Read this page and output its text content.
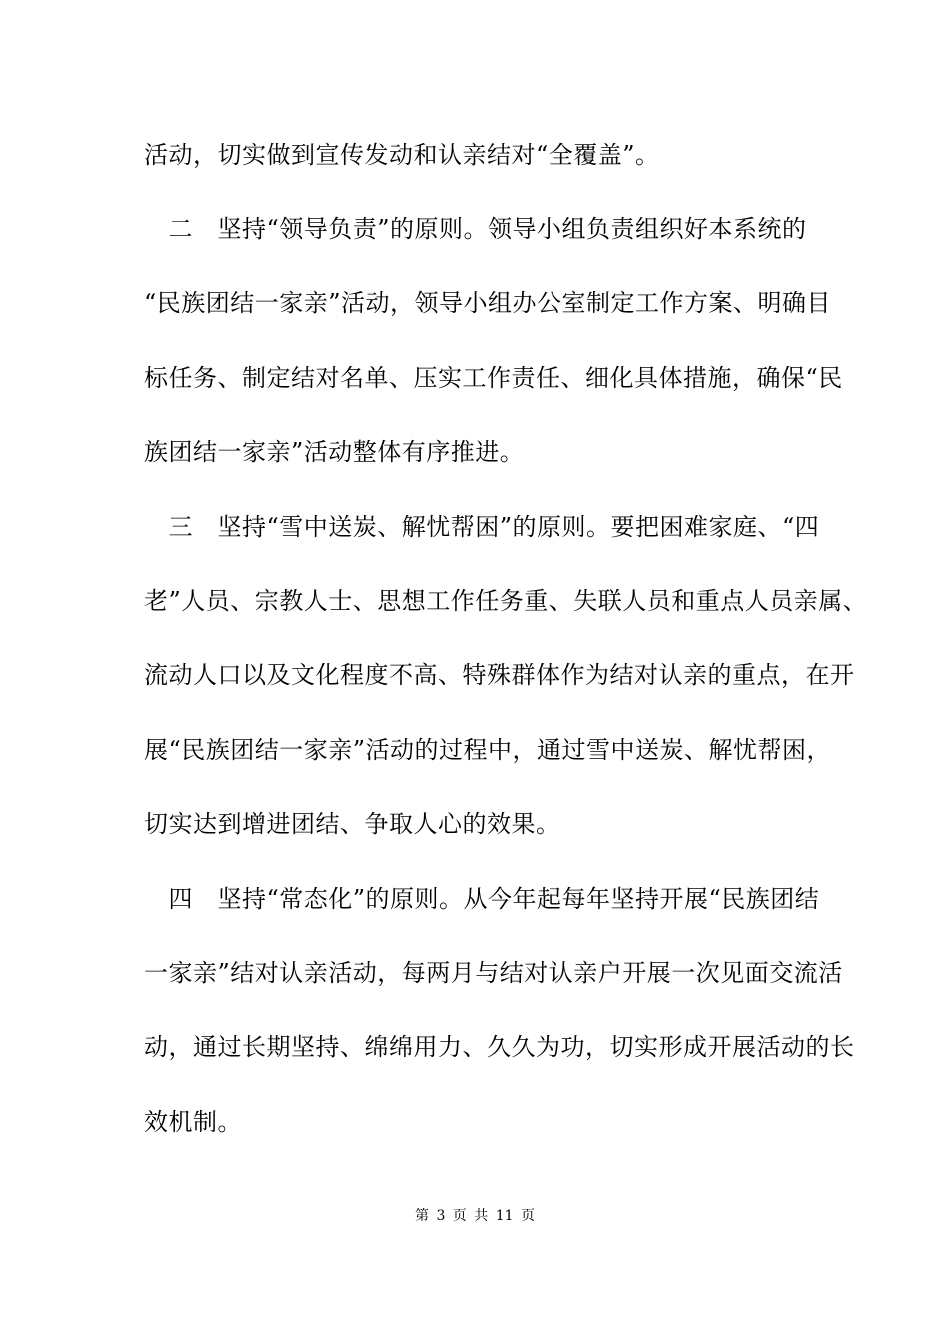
活动，切实做到宣传发动和认亲结对“全覆盖”。
　二　坚持“领导负责”的原则。领导小组负责组织好本系统的
“民族团结一家亲”活动，领导小组办公室制定工作方案、明确目
标任务、制定结对名单、压实工作责任、细化具体措施，确保“民
族团结一家亲”活动整体有序推进。
　三　坚持“雪中送炭、解忧帮困”的原则。要把困难家庭、“四
老”人员、宗教人士、思想工作任务重、失联人员和重点人员亲属、
流动人口以及文化程度不高、特殊群体作为结对认亲的重点，在开
展“民族团结一家亲”活动的过程中，通过雪中送炭、解忧帮困，
切实达到增进团结、争取人心的效果。
　四　坚持“常态化”的原则。从今年起每年坚持开展“民族团结
一家亲”结对认亲活动，每两月与结对认亲户开展一次见面交流活
动，通过长期坚持、绵绵用力、久久为功，切实形成开展活动的长
效机制。
第 3 页 共 11 页
